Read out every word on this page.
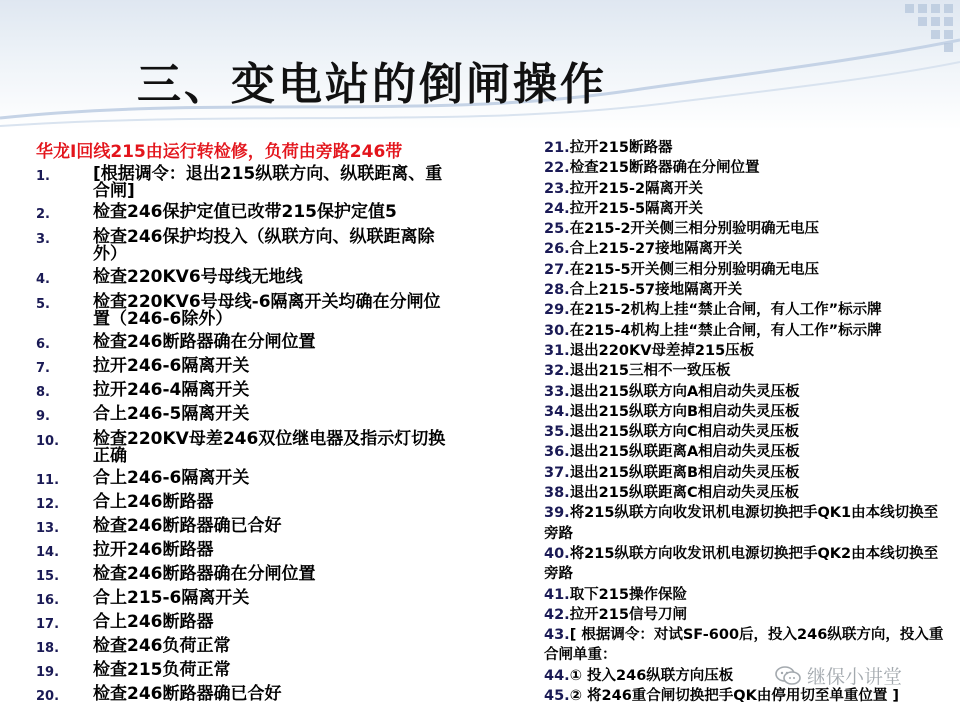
三、变电站的倒闸操作
华龙I回线215由运行转检修，负荷由旁路246带
1.	[根据调令：退出215纵联方向、纵联距离、重合闸]
2.	检查246保护定值已改带215保护定值5
3.	检查246保护均投入（纵联方向、纵联距离除外）
4.	检查220KV6号母线无地线
5.	检查220KV6号母线-6隔离开关均确在分闸位置（246-6除外）
6.	检查246断路器确在分闸位置
7.	拉开246-6隔离开关
8.	拉开246-4隔离开关
9.	合上246-5隔离开关
10.	检查220KV母差246双位继电器及指示灯切换正确
11.	合上246-6隔离开关
12.	合上246断路器
13.	检查246断路器确已合好
14.	拉开246断路器
15.	检查246断路器确在分闸位置
16.	合上215-6隔离开关
17.	合上246断路器
18.	检查246负荷正常
19.	检查215负荷正常
20.	检查246断路器确已合好
21.拉开215断路器
22.检查215断路器确在分闸位置
23.拉开215-2隔离开关
24.拉开215-5隔离开关
25.在215-2开关侧三相分别验明确无电压
26.合上215-27接地隔离开关
27.在215-5开关侧三相分别验明确无电压
28.合上215-57接地隔离开关
29.在215-2机构上挂“禁止合闸，有人工作”标示牌
30.在215-4机构上挂“禁止合闸，有人工作”标示牌
31.退出220KV母差掉215压板
32.退出215三相不一致压板
33.退出215纵联方向A相启动失灵压板
34.退出215纵联方向B相启动失灵压板
35.退出215纵联方向C相启动失灵压板
36.退出215纵联距离A相启动失灵压板
37.退出215纵联距离B相启动失灵压板
38.退出215纵联距离C相启动失灵压板
39.将215纵联方向收发讯机电源切换把手QK1由本线切换至旁路
40.将215纵联方向收发讯机电源切换把手QK2由本线切换至旁路
41.取下215操作保险
42.拉开215信号刀闸
43.[ 根据调令：对试SF-600后，投入246纵联方向，投入重合闸单重：
44.① 投入246纵联方向压板
45.② 将246重合闸切换把手QK由停用切至单重位置 ]
继保小讲堂
